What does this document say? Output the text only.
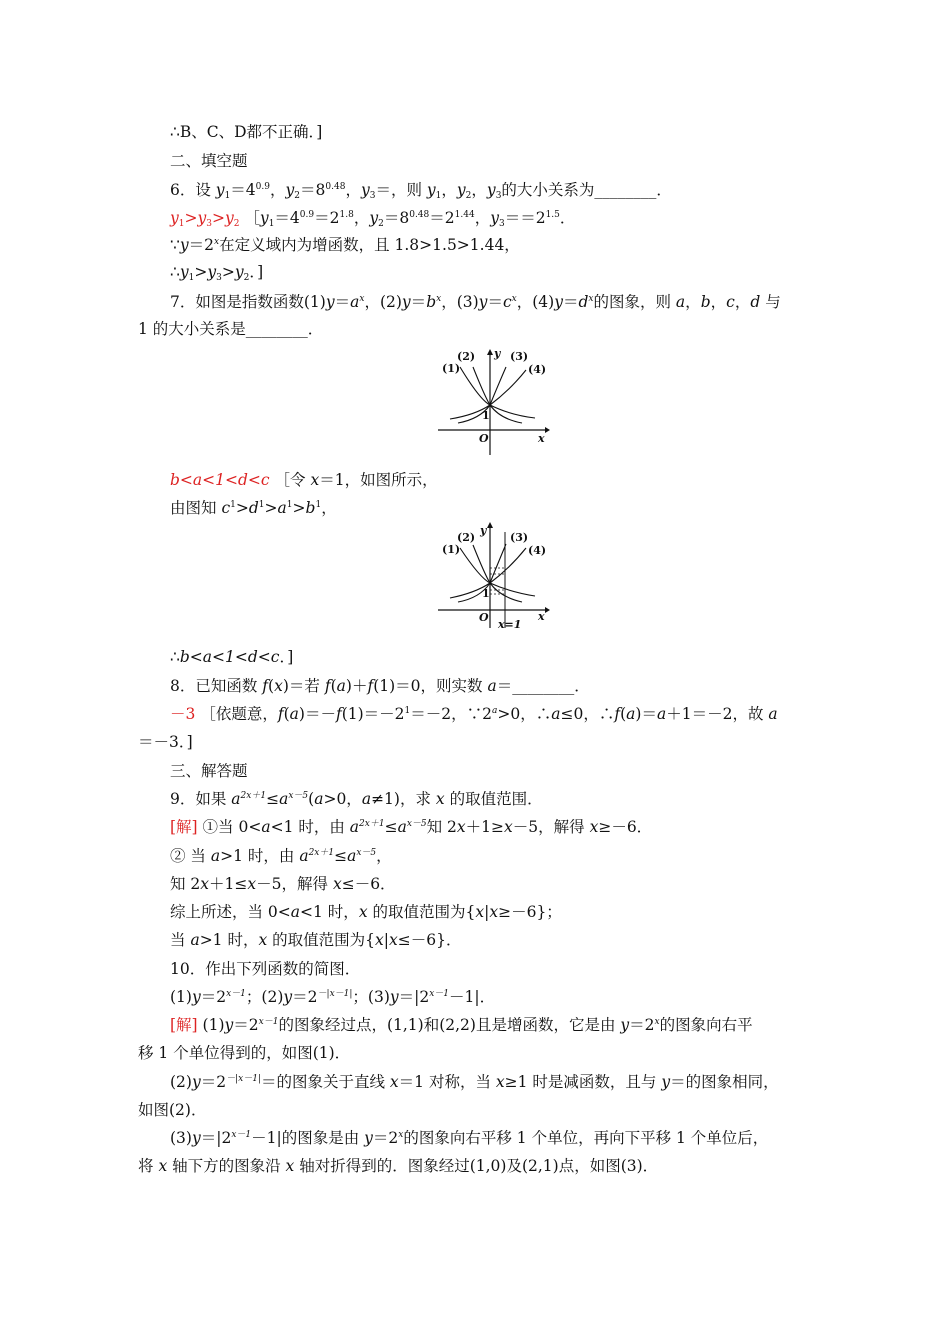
∴B、C、D都不正确．]
二、填空题
6．设 $y_1=4^{0.9}$，$y_2=8^{0.48}$，$y_3=$，则 $y_1$，$y_2$，$y_3$的大小关系为________．
$y_1>y_3>y_2$ $[y_1=4^{0.9}=2^{1.8}$，$y_2=8^{0.48}=2^{1.44}$，$y_3==2^{1.5}$．
$\because y=2^x$在定义域内为增函数，且 1.8>1.5>1.44，
$\therefore y_1>y_3>y_2$．]
7．如图是指数函数$(1)y=a^x$，$(2)y=b^x$，$(3)y=c^x$，$(4)y=d^x$的图象，则 a，b，c，d 与
1 的大小关系是________．
(1)
(2)	(3)
(4)
y
x
O
1
b<a<1<d<c ［令 x＝1，如图所示，
由图知 $c^1>d^1>a^1>b^1$，
(1)
(2)	(3)
(4)
y
x
O
1
x=1
∴b<a<1<d<c．]
8．已知函数 f(x)＝若 f(a)＋f(1)＝0，则实数 a＝________．
－3 ［依题意，$f(a)=-f(1)=-2^1=-2$，$\because 2^a>0$，∴a≤0，∴f(a)＝a＋1＝－2，故 a
＝－3．]
三、解答题
9．如果 $a^{2x+1}\le a^{x-5}(a>0$，a≠1)，求 x 的取值范围．
[解] ①当 0<a<1 时，由 $a^{2x+1}\le a^{x-5}$知 2x＋1≥x－5，解得 x≥－6．
② 当 a>1 时，由 $a^{2x+1}\le a^{x-5}$，
知 2x＋1≤x－5，解得 x≤－6．
综上所述，当 0<a<1 时，x 的取值范围为{x|x≥－6}；
当 a>1 时，x 的取值范围为{x|x≤－6}．
10．作出下列函数的简图．
$(1)y=2^{x-1}$；$(2)y=2^{-|x-1|}$；$(3)y=|2^{x-1}-1|$．
[解] $(1)y=2^{x-1}$的图象经过点，(1,1)和(2,2)且是增函数，它是由 $y=2^x$的图象向右平
移 1 个单位得到的，如图(1)．
$(2)y=2^{-|x-1|}=$的图象关于直线 x＝1 对称，当 x≥1 时是减函数，且与 y＝的图象相同，
如图(2)．
$(3)y=|2^{x-1}-1|$的图象是由 $y=2^x$的图象向右平移 1 个单位，再向下平移 1 个单位后，
将 x 轴下方的图象沿 x 轴对折得到的．图象经过(1,0)及(2,1)点，如图(3)．
